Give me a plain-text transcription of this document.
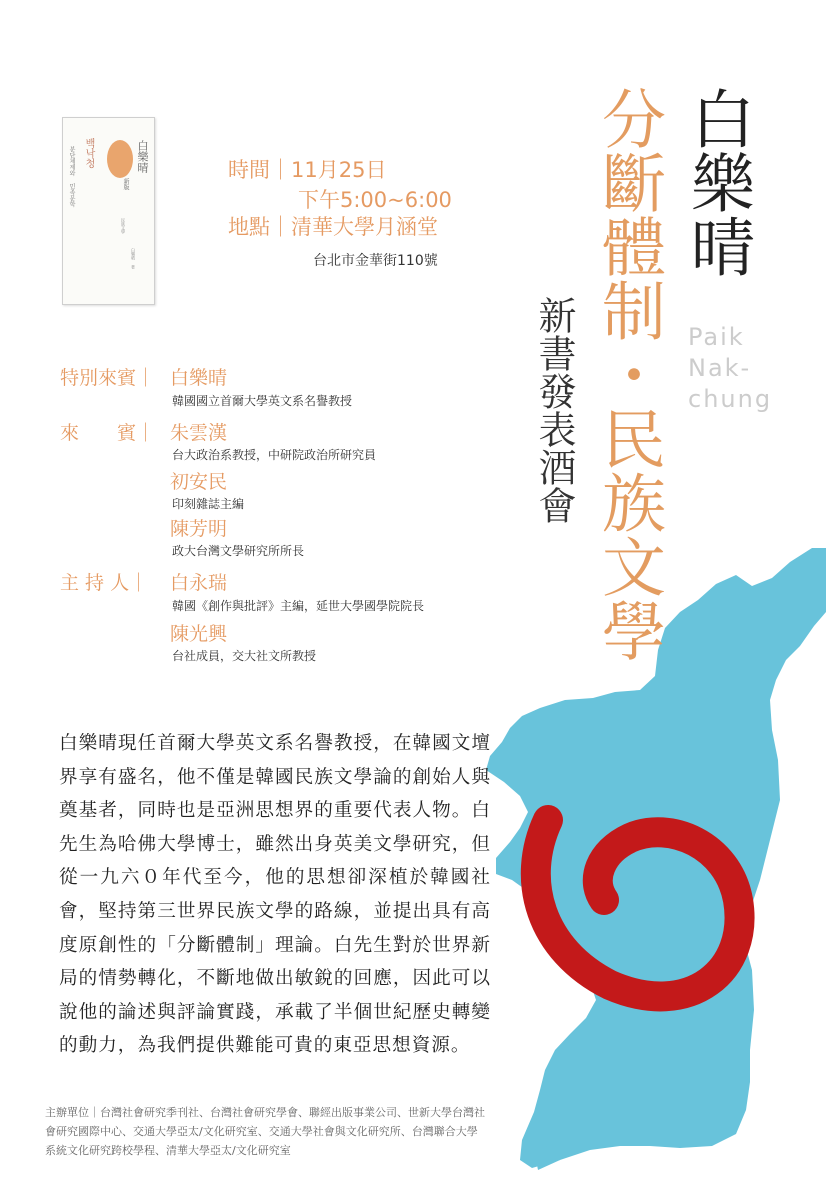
백낙청
분단체제와 민족문학	新版
白樂晴
民族文學
白樂晴 著
時間｜11月25日
下午5:00~6:00
地點｜清華大學月涵堂
台北市金華街110號	白樂晴
分斷體制・民族文學
新書發表酒會	Paik
Nak-chung
特別來賓｜ 白樂晴
韓國國立首爾大學英文系名譽教授
來　　賓｜ 朱雲漢
台大政治系教授，中研院政治所研究員
初安民
印刻雜誌主編
陳芳明
政大台灣文學研究所所長
主 持 人｜ 白永瑞
韓國《創作與批評》主編，延世大學國學院院長
陳光興
台社成員，交大社文所教授
白樂晴現任首爾大學英文系名譽教授，在韓國文壇界享有盛名，他不僅是韓國民族文學論的創始人與奠基者，同時也是亞洲思想界的重要代表人物。白先生為哈佛大學博士，雖然出身英美文學研究，但從一九六０年代至今，他的思想卻深植於韓國社會，堅持第三世界民族文學的路線，並提出具有高度原創性的「分斷體制」理論。白先生對於世界新局的情勢轉化，不斷地做出敏銳的回應，因此可以說他的論述與評論實踐，承載了半個世紀歷史轉變的動力，為我們提供難能可貴的東亞思想資源。
主辦單位｜ 台灣社會研究季刊社、台灣社會研究學會、聯經出版事業公司、世新大學台灣社會研究國際中心、交通大學亞太/文化研究室、交通大學社會與文化研究所、台灣聯合大學系統文化研究跨校學程、清華大學亞太/文化研究室
